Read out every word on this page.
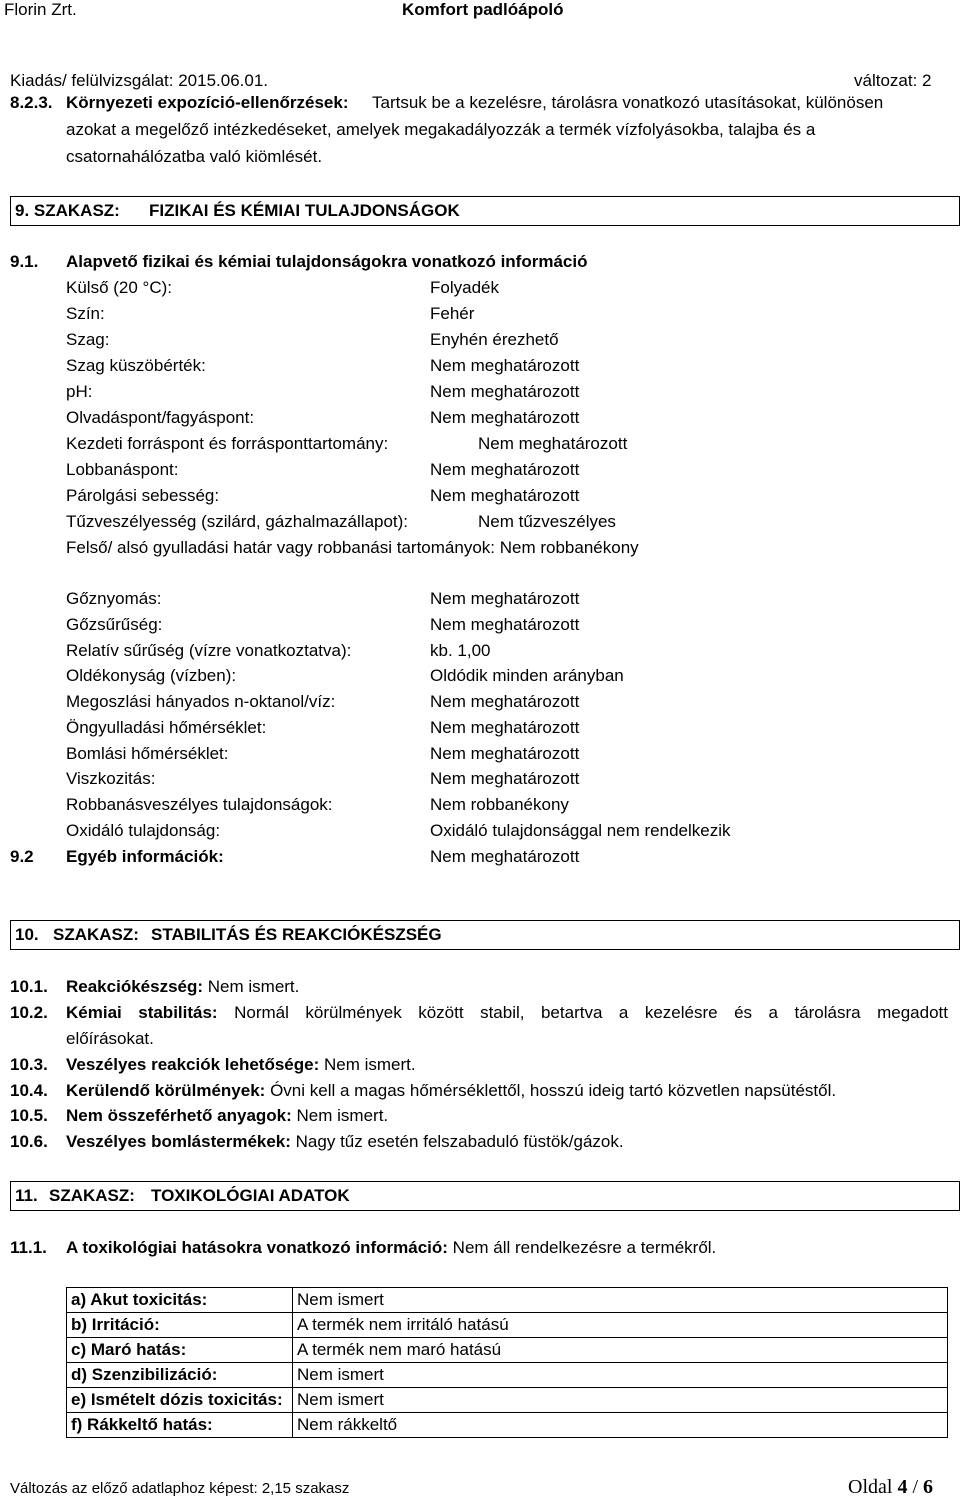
Florin Zrt.	Komfort padlóápoló
Kiadás/ felülvizsgálat: 2015.06.01.	változat: 2
8.2.3. Környezeti expozíció-ellenőrzések: Tartsuk be a kezelésre, tárolásra vonatkozó utasításokat, különösen
azokat a megelőző intézkedéseket, amelyek megakadályozzák a termék vízfolyásokba, talajba és a
csatornahálózatba való kiömlését.
9. SZAKASZ: FIZIKAI ÉS KÉMIAI TULAJDONSÁGOK
9.1. Alapvető fizikai és kémiai tulajdonságokra vonatkozó információ
Külső (20 °C):	Folyadék
Szín:	Fehér
Szag:	Enyhén érezhető
Szag küszöbérték:	Nem meghatározott
pH:	Nem meghatározott
Olvadáspont/fagyáspont:	Nem meghatározott
Kezdeti forráspont és forrásponttartomány:	Nem meghatározott
Lobbanáspont:	Nem meghatározott
Párolgási sebesség:	Nem meghatározott
Tűzveszélyesség (szilárd, gázhalmazállapot):	Nem tűzveszélyes
Felső/ alsó gyulladási határ vagy robbanási tartományok: Nem robbanékony
Gőznyomás:	Nem meghatározott
Gőzsűrűség:	Nem meghatározott
Relatív sűrűség (vízre vonatkoztatva):	kb. 1,00
Oldékonyság (vízben):	Oldódik minden arányban
Megoszlási hányados n-oktanol/víz:	Nem meghatározott
Öngyulladási hőmérséklet:	Nem meghatározott
Bomlási hőmérséklet:	Nem meghatározott
Viszkozitás:	Nem meghatározott
Robbanásveszélyes tulajdonságok:	Nem robbanékony
Oxidáló tulajdonság:	Oxidáló tulajdonsággal nem rendelkezik
9.2 Egyéb információk:	Nem meghatározott
10. SZAKASZ: STABILITÁS ÉS REAKCIÓKÉSZSÉG
10.1. Reakciókészség: Nem ismert.
10.2. Kémiai stabilitás: Normál körülmények között stabil, betartva a kezelésre és a tárolásra megadott
előírásokat.
10.3. Veszélyes reakciók lehetősége: Nem ismert.
10.4. Kerülendő körülmények: Óvni kell a magas hőmérséklettől, hosszú ideig tartó közvetlen napsütéstől.
10.5. Nem összeférhető anyagok: Nem ismert.
10.6. Veszélyes bomlástermékek: Nagy tűz esetén felszabaduló füstök/gázok.
11. SZAKASZ: TOXIKOLÓGIAI ADATOK
11.1. A toxikológiai hatásokra vonatkozó információ: Nem áll rendelkezésre a termékről.
a) Akut toxicitás:	Nem ismert
b) Irritáció:	A termék nem irritáló hatású
c) Maró hatás:	A termék nem maró hatású
d) Szenzibilizáció:	Nem ismert
e) Ismételt dózis toxicitás:	Nem ismert
f) Rákkeltő hatás:	Nem rákkeltő
Változás az előző adatlaphoz képest: 2,15 szakasz	Oldal 4 / 6
